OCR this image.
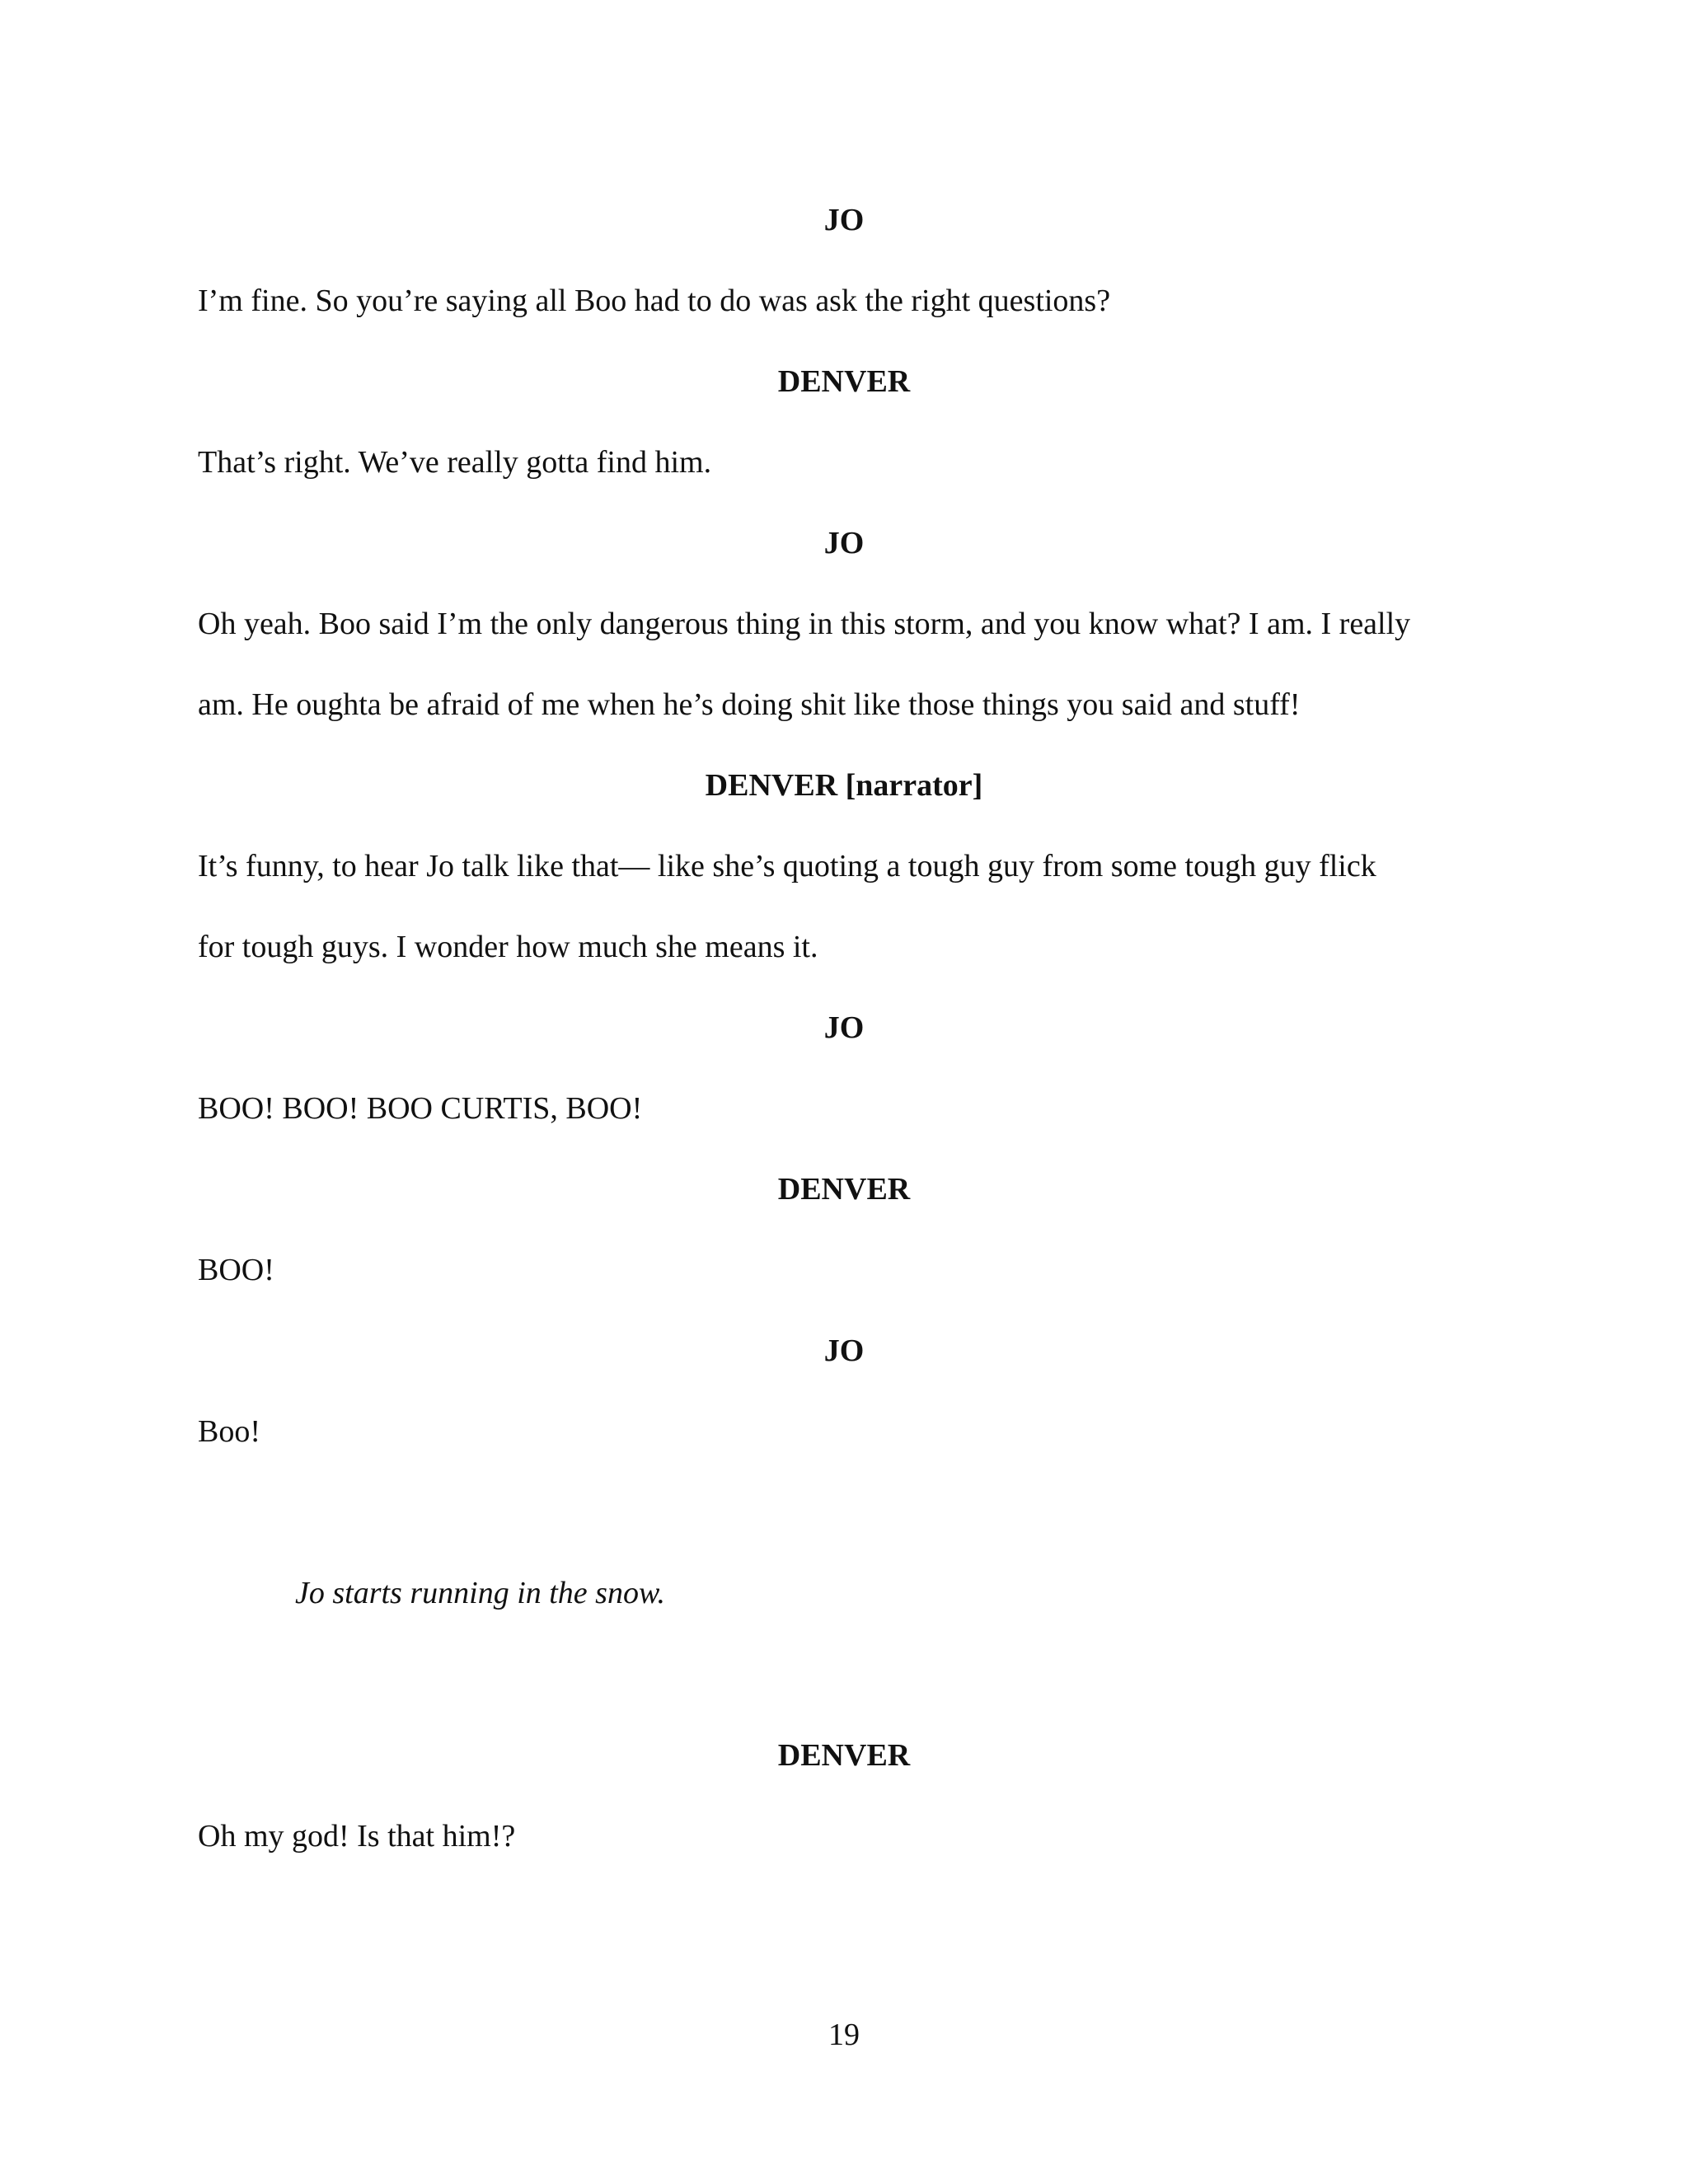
JO

I’m fine. So you’re saying all Boo had to do was ask the right questions?

DENVER

That’s right. We’ve really gotta find him.

JO

Oh yeah. Boo said I’m the only dangerous thing in this storm, and you know what? I am. I really

am. He oughta be afraid of me when he’s doing shit like those things you said and stuff!

DENVER [narrator]

It’s funny, to hear Jo talk like that— like she’s quoting a tough guy from some tough guy flick

for tough guys. I wonder how much she means it.

JO

BOO! BOO! BOO CURTIS, BOO!

DENVER

BOO!

JO

Boo!

Jo starts running in the snow.

DENVER

Oh my god! Is that him!?

19
